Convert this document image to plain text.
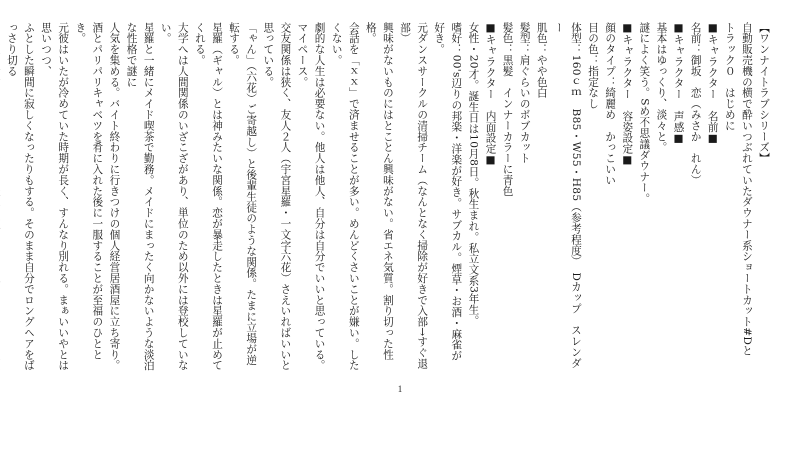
【ワンナイトラブシリーズ】
自動販売機の横で酔いつぶれていたダウナー系ショートカット#Dと
トラック０　はじめに
■キャラクター　名前■
名前：御坂　恋（みさか　れん）
■キャラクター　声感■
基本はゆっくり、淡々と。
謎によく笑う。Sめ不思議ダウナー。
■キャラクター　容姿設定■
顔のタイプ：綺麗め　かっこいい
目の色：指定なし
体型：160ｃｍ　B85・W55・H85（参考程度）　Dカップ　スレンダー
肌色：やや色白
髪型：肩ぐらいのボブカット
髪色：黒髪　インナーカラーに青色
■キャラクター　内面設定■
女性・20才。誕生日は10月8日。秋生まれ。私立文系3年生。
嗜好：00's辺りの邦楽・洋楽が好き。サブカル。煙草・お酒・麻雀が好き。
元ダンスサークルの清掃チーム（なんとなく掃除が好きで入部→すぐ退部）
興味がないものにはとことん興味がない。省エネ気質。割り切った性格。
会話を「ｘｘ」で済ませることが多い。めんどくさいことが嫌い。したくない。
劇的な人生は必要ない。他人は他人、自分は自分でいいと思っている。マイペース。
交友関係は狭く、友人２人（宇宮星羅・一文字六花）さえいればいいと思っている。
「ゃん」（六花）ご寄越し）と後輩生徒のような関係。たまに立場が逆転する。
星羅（ギャル）とは神みたいな関係。恋が暴走したときは星羅が止めてくれる。
大学へは人間関係のいざこざがあり、単位のため以外には登校していない。
星羅と一緒にメイド喫茶で勤務。メイドにまったく向かないような淡泊な性格で謎に
人気を集める。バイト終わりに行きつけの個人経営居酒屋に立ち寄り。
酒とパリパリキャベツを肴に入れた後に一服することが至福のひととき。
元彼はいたが冷めていた時期が長く、すんなり別れる。まぁいいやとは思いつつ、
ふとした瞬間に寂しくなったりもする。そのまま自分でロングヘアをばっさり切る
1
